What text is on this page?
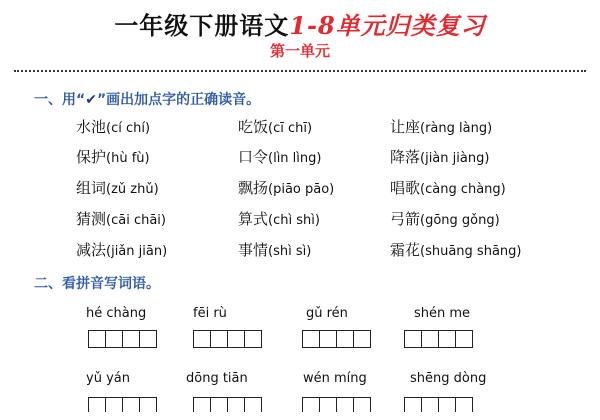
一年级下册语文1-8单元归类复习
第一单元
一、用“✔”画出加点字的正确读音。
水池(cí chí)	吃饭(cī chī)	让座(ràng làng)
保护(hù fù)	口令(lìn lìng)	降落(jiàn jiàng)
组词(zǔ zhǔ)	飘扬(piāo pāo)	唱歌(càng chàng)
猜测(cāi chāi)	算式(chì shì)	弓箭(gōng gǒng)
减法(jiǎn jiān)	事情(shì sì)	霜花(shuāng shāng)
二、看拼音写词语。
hé chàng	fēi rù	gǔ rén	shén me
yǔ yán	dōng tiān	wén míng	shēng dòng
